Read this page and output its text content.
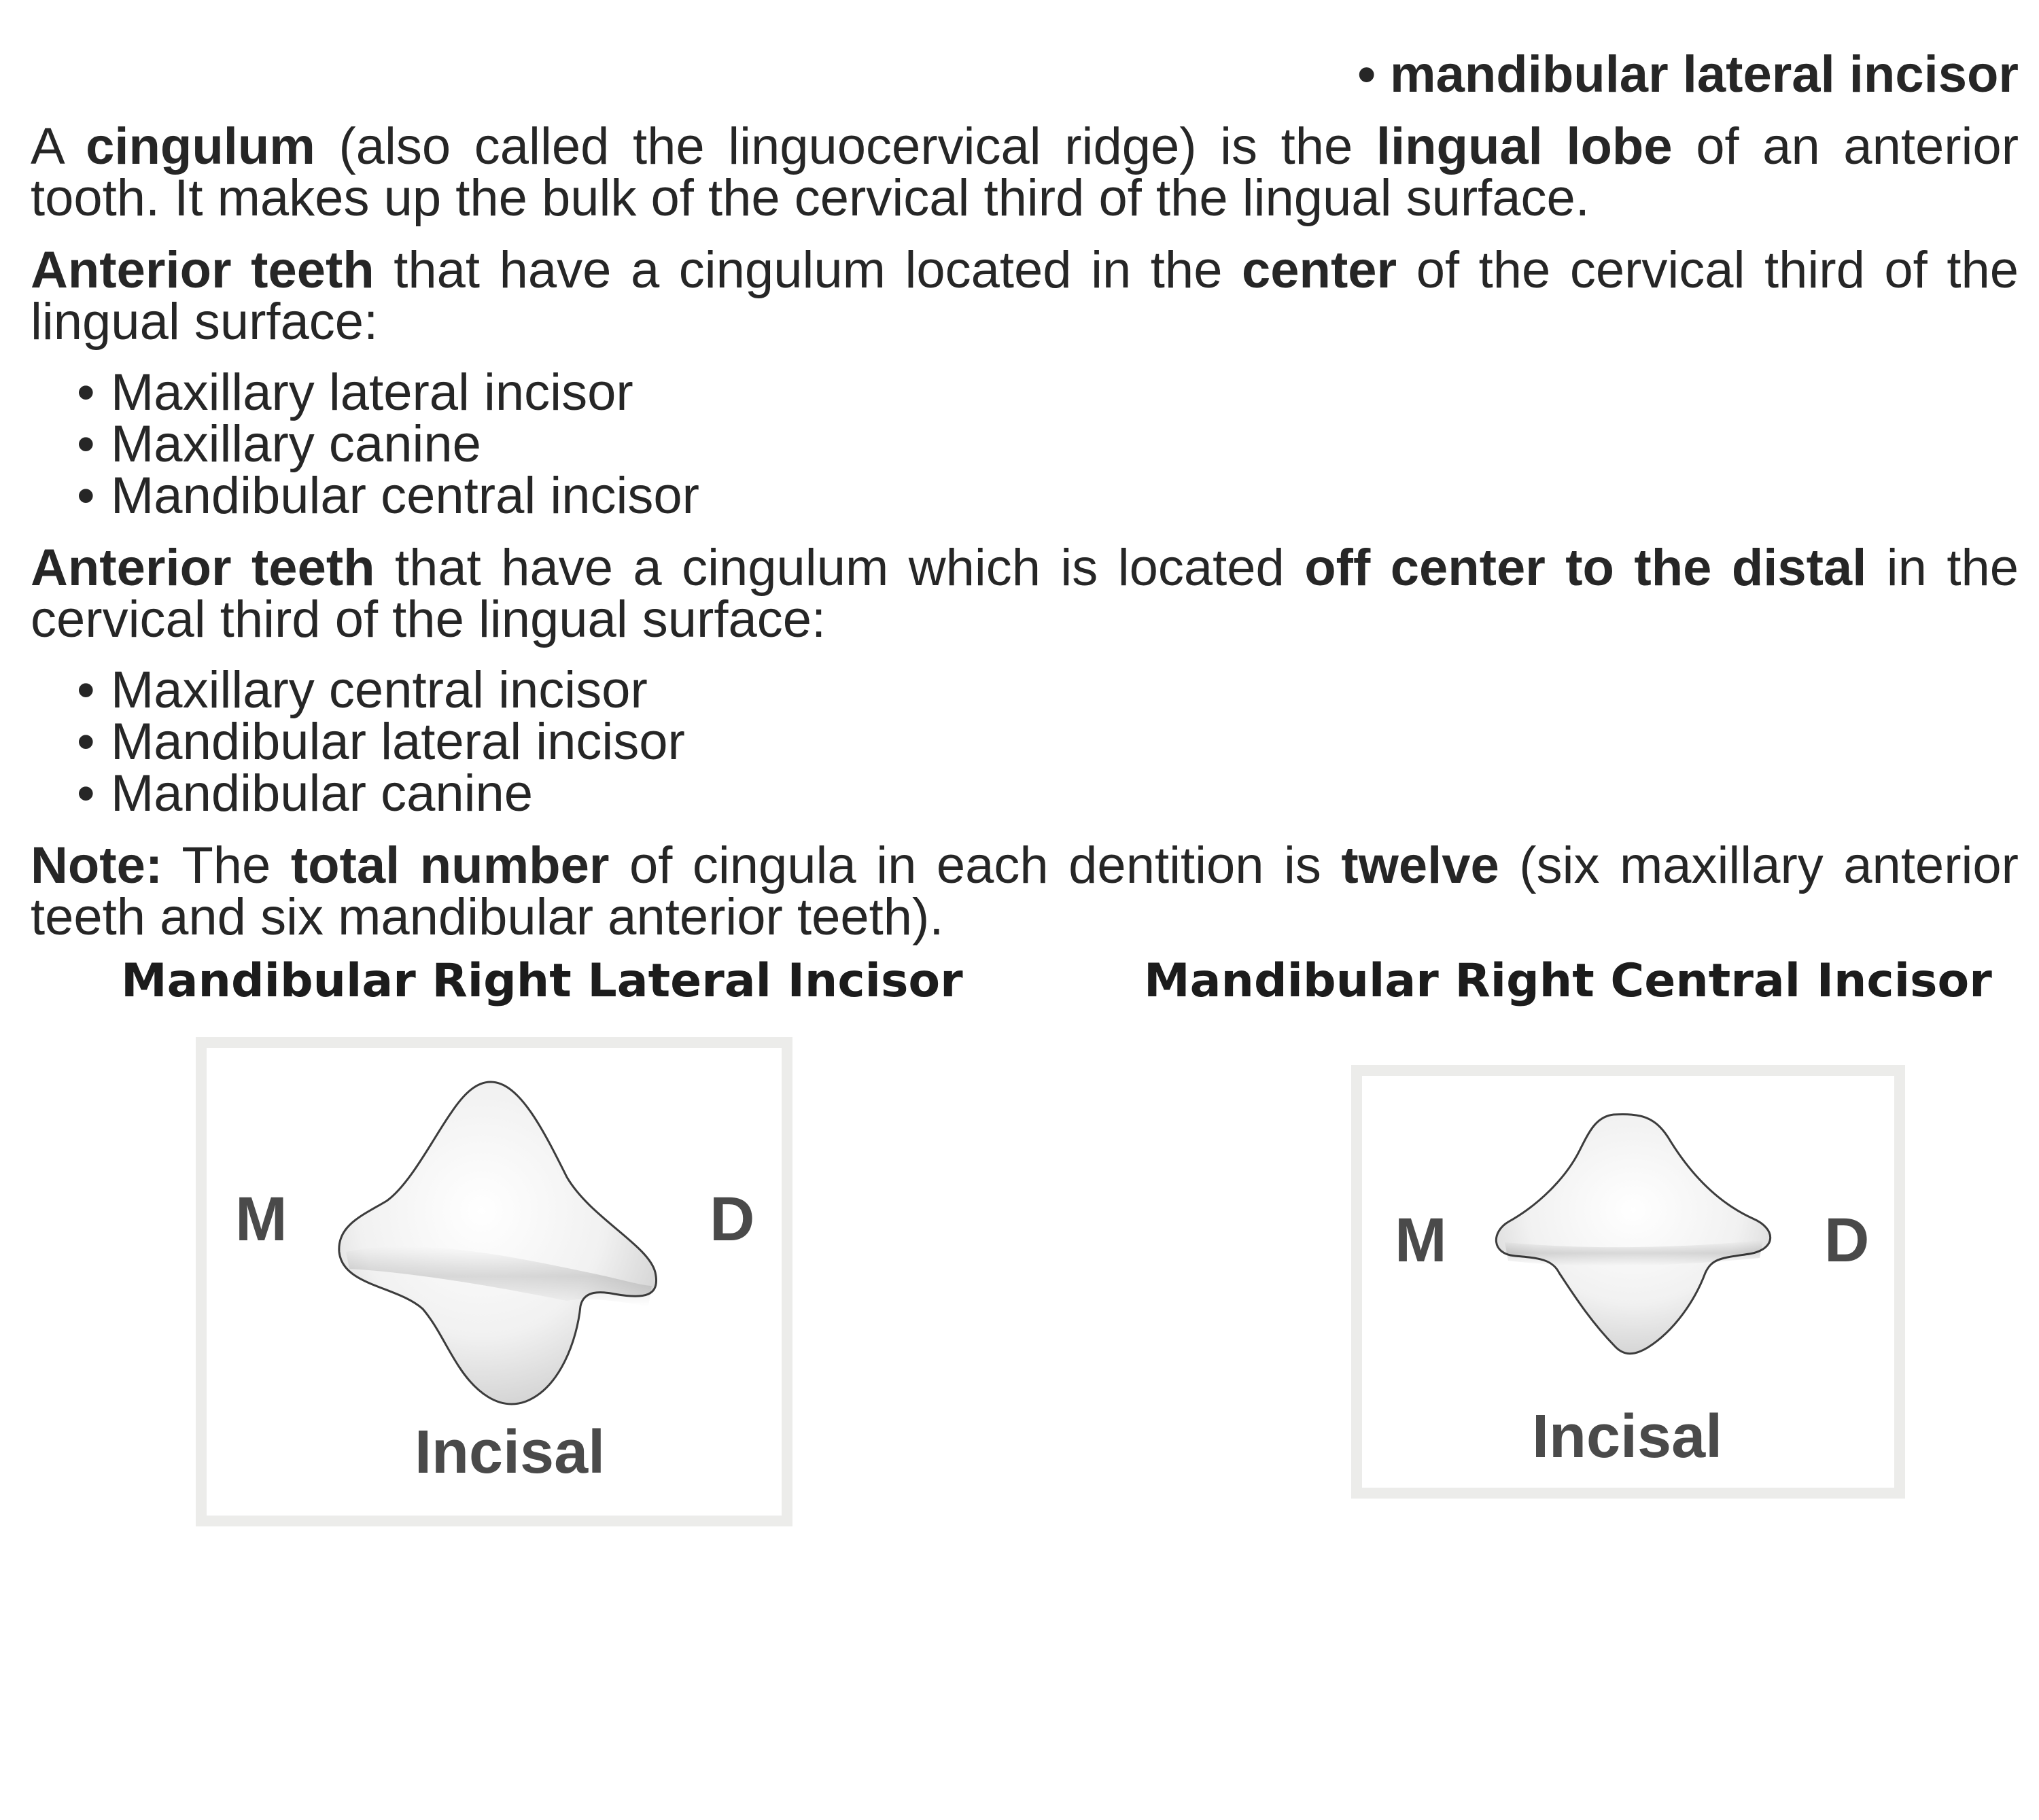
• mandibular lateral incisor

A cingulum (also called the linguocervical ridge) is the lingual lobe of an anterior tooth. It makes up the bulk of the cervical third of the lingual surface.

Anterior teeth that have a cingulum located in the center of the cervical third of the lingual surface:

• Maxillary lateral incisor
• Maxillary canine
• Mandibular central incisor

Anterior teeth that have a cingulum which is located off center to the distal in the cervical third of the lingual surface:

• Maxillary central incisor
• Mandibular lateral incisor
• Mandibular canine

Note: The total number of cingula in each dentition is twelve (six maxillary anterior teeth and six mandibular anterior teeth).

Mandibular Right Lateral Incisor
M	D
Incisal
Mandibular Right Central Incisor
M	D
Incisal
